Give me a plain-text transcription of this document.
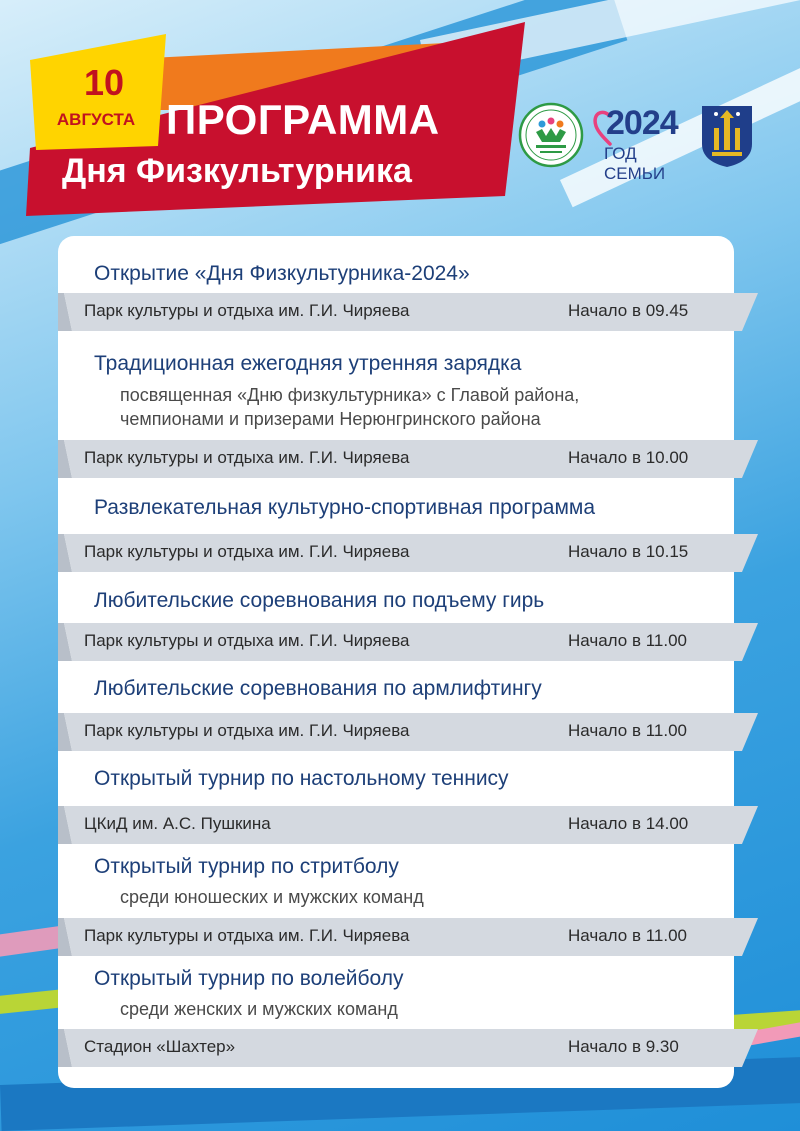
10
АВГУСТА ПРОГРАММА
Дня Физкультурника
2024
ГОД СЕМЬИ
Открытие «Дня Физкультурника-2024»
Парк культуры и отдыха им. Г.И. Чиряева	Начало в 09.45
Традиционная ежегодняя утренняя зарядка
посвященная «Дню физкультурника» с Главой района,
чемпионами и призерами Нерюнгринского района
Парк культуры и отдыха им. Г.И. Чиряева	Начало в 10.00
Развлекательная культурно-спортивная программа
Парк культуры и отдыха им. Г.И. Чиряева	Начало в 10.15
Любительские соревнования по подъему гирь
Парк культуры и отдыха им. Г.И. Чиряева	Начало в 11.00
Любительские соревнования по армлифтингу
Парк культуры и отдыха им. Г.И. Чиряева	Начало в 11.00
Открытый турнир по настольному теннису
ЦКиД им. А.С. Пушкина	Начало в 14.00
Открытый турнир по стритболу
среди юношеских и мужских команд
Парк культуры и отдыха им. Г.И. Чиряева	Начало в 11.00
Открытый турнир по волейболу
среди женских и мужских команд
Стадион «Шахтер»	Начало в 9.30
